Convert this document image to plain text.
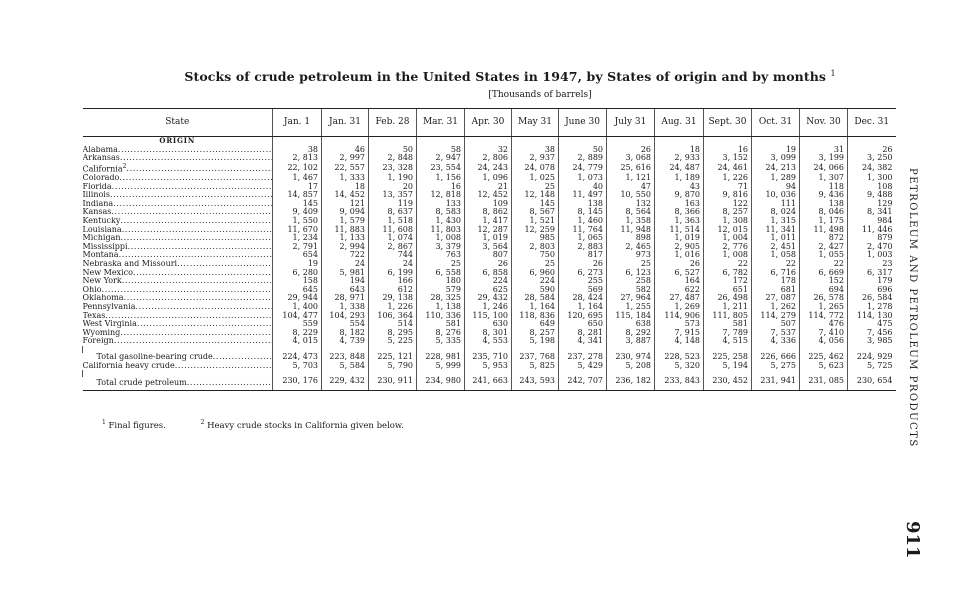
Stocks of crude petroleum in the United States in 1947, by States of origin and by months $^1$
[Thousands of barrels]
State	Jan. 1	Jan. 31	Feb. 28	Mar. 31	Apr. 30	May 31	June 30	July 31	Aug. 31	Sept. 30	Oct. 31	Nov. 30	Dec. 31
ORIGIN													
Alabama .....	38	46	50	58	32	38	50	26	18	16	19	31	26
Arkansas .....	2, 813	2, 997	2, 848	2, 947	2, 806	2, 937	2, 889	3, 068	2, 933	3, 152	3, 099	3, 199	3, 250
California$^2$ .....	22, 102	22, 557	23, 328	23, 554	24, 243	24, 078	24, 779	25, 616	24, 487	24, 461	24, 213	24, 066	24, 382
Colorado .....	1, 467	1, 333	1, 190	1, 156	1, 096	1, 025	1, 073	1, 121	1, 189	1, 226	1, 289	1, 307	1, 300
Florida .....	17	18	20	16	21	25	40	47	43	71	94	118	108
Illinois .....	14, 857	14, 452	13, 357	12, 818	12, 452	12, 148	11, 497	10, 550	9, 870	9, 816	10, 036	9, 436	9, 488
Indiana .....	145	121	119	133	109	145	138	132	163	122	111	138	129
Kansas .....	9, 409	9, 094	8, 637	8, 583	8, 862	8, 567	8, 145	8, 564	8, 366	8, 257	8, 024	8, 046	8, 341
Kentucky .....	1, 550	1, 579	1, 518	1, 430	1, 417	1, 521	1, 460	1, 358	1, 363	1, 308	1, 315	1, 175	984
Louisiana .....	11, 670	11, 883	11, 608	11, 803	12, 287	12, 259	11, 764	11, 948	11, 514	12, 015	11, 341	11, 498	11, 446
Michigan .....	1, 234	1, 133	1, 074	1, 008	1, 019	985	1, 065	898	1, 019	1, 004	1, 011	872	879
Mississippi .....	2, 791	2, 994	2, 867	3, 379	3, 564	2, 803	2, 883	2, 465	2, 905	2, 776	2, 451	2, 427	2, 470
Montana .....	654	722	744	763	807	750	817	973	1, 016	1, 008	1, 058	1, 055	1, 003
Nebraska and Missouri .....	19	24	24	25	26	25	26	25	26	22	22	22	23
New Mexico .....	6, 280	5, 981	6, 199	6, 558	6, 858	6, 960	6, 273	6, 123	6, 527	6, 782	6, 716	6, 669	6, 317
New York .....	158	194	166	180	224	224	255	258	164	172	178	152	179
Ohio .....	645	643	612	579	625	590	569	582	622	651	681	694	696
Oklahoma .....	29, 944	28, 971	29, 138	28, 325	29, 432	28, 584	28, 424	27, 964	27, 487	26, 498	27, 087	26, 578	26, 584
Pennsylvania .....	1, 400	1, 338	1, 226	1, 138	1, 246	1, 164	1, 164	1, 255	1, 269	1, 211	1, 262	1, 265	1, 278
Texas .....	104, 477	104, 293	106, 364	110, 336	115, 100	118, 836	120, 695	115, 184	114, 906	111, 805	114, 279	114, 772	114, 130
West Virginia .....	559	554	514	581	630	649	650	638	573	581	507	476	475
Wyoming .....	8, 229	8, 182	8, 295	8, 276	8, 301	8, 257	8, 281	8, 292	7, 915	7, 789	7, 537	7, 410	7, 456
Foreign .....	4, 015	4, 739	5, 225	5, 335	4, 553	5, 198	4, 341	3, 887	4, 148	4, 515	4, 336	4, 056	3, 985

Total gasoline-bearing crude .....	224, 473	223, 848	225, 121	228, 981	235, 710	237, 768	237, 278	230, 974	228, 523	225, 258	226, 666	225, 462	224, 929
California heavy crude .....	5, 703	5, 584	5, 790	5, 999	5, 953	5, 825	5, 429	5, 208	5, 320	5, 194	5, 275	5, 623	5, 725

Total crude petroleum .....	230, 176	229, 432	230, 911	234, 980	241, 663	243, 593	242, 707	236, 182	233, 843	230, 452	231, 941	231, 085	230, 654
$^1$ Final figures.	$^2$ Heavy crude stocks in California given below.	PETROLEUM AND PETROLEUM PRODUCTS
911
